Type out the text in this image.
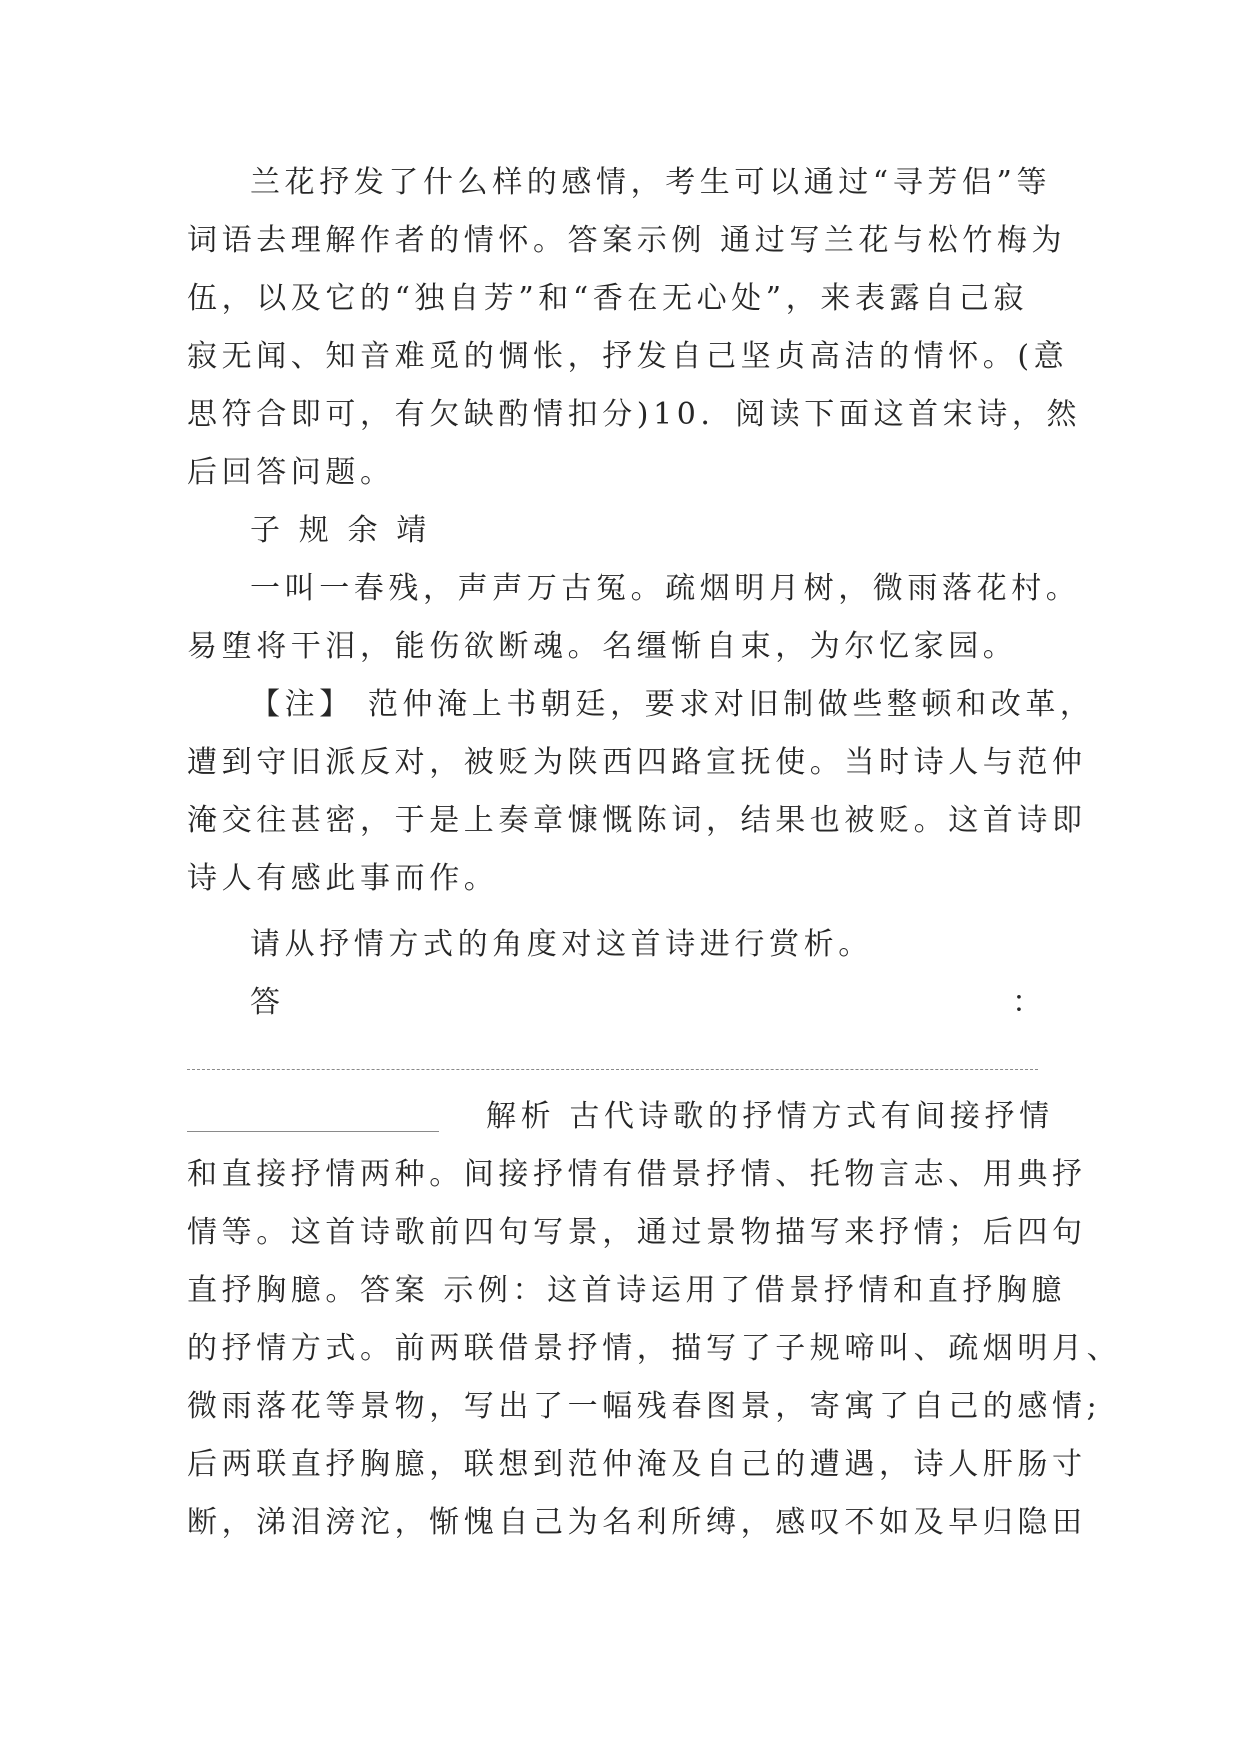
兰花抒发了什么样的感情，考生可以通过“寻芳侣”等
词语去理解作者的情怀。答案示例 通过写兰花与松竹梅为
伍，以及它的“独自芳”和“香在无心处”，来表露自己寂
寂无闻、知音难觅的惆怅，抒发自己坚贞高洁的情怀。(意
思符合即可，有欠缺酌情扣分)10．阅读下面这首宋诗，然
后回答问题。
子 规 余 靖
一叫一春残，声声万古冤。疏烟明月树，微雨落花村。
易堕将干泪，能伤欲断魂。名缰惭自束，为尔忆家园。
【注】 范仲淹上书朝廷，要求对旧制做些整顿和改革，
遭到守旧派反对，被贬为陕西四路宣抚使。当时诗人与范仲
淹交往甚密，于是上奏章慷慨陈词，结果也被贬。这首诗即
诗人有感此事而作。
请从抒情方式的角度对这首诗进行赏析。
答	：
解析 古代诗歌的抒情方式有间接抒情
和直接抒情两种。间接抒情有借景抒情、托物言志、用典抒
情等。这首诗歌前四句写景，通过景物描写来抒情；后四句
直抒胸臆。答案 示例：这首诗运用了借景抒情和直抒胸臆
的抒情方式。前两联借景抒情，描写了子规啼叫、疏烟明月、
微雨落花等景物，写出了一幅残春图景，寄寓了自己的感情;
后两联直抒胸臆，联想到范仲淹及自己的遭遇，诗人肝肠寸
断，涕泪滂沱，惭愧自己为名利所缚，感叹不如及早归隐田
